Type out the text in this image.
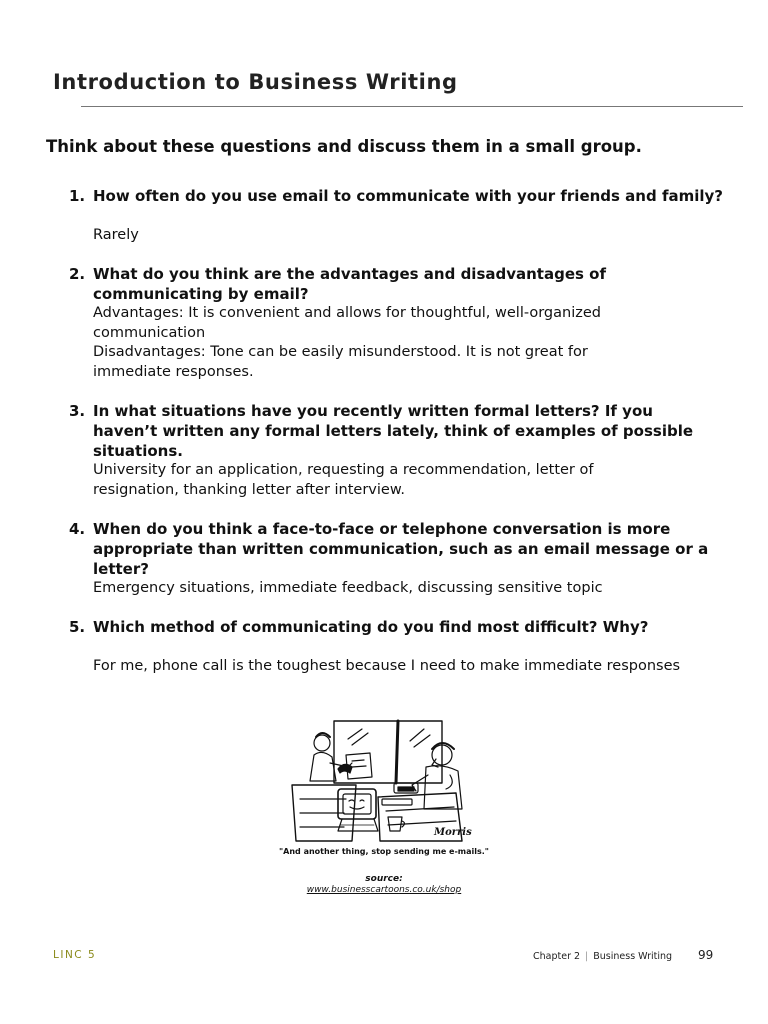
Introduction to Business Writing

Think about these questions and discuss them in a small group.

1. How often do you use email to communicate with your friends and family?
Rarely
2. What do you think are the advantages and disadvantages of communicating by email?
Advantages: It is convenient and allows for thoughtful, well-organized communication
Disadvantages: Tone can be easily misunderstood. It is not great for immediate responses.
3. In what situations have you recently written formal letters? If you haven’t written any formal letters lately, think of examples of possible situations.
University for an application, requesting a recommendation, letter of resignation, thanking letter after interview.
4. When do you think a face-to-face or telephone conversation is more appropriate than written communication, such as an email message or a letter?
Emergency situations, immediate feedback, discussing sensitive topic
5. Which method of communicating do you find most difficult? Why?
For me, phone call is the toughest because I need to make immediate responses
Morris
"And another thing, stop sending me e-mails."
source:
www.businesscartoons.co.uk/shop
LINC 5	Chapter 2 | Business Writing 99
